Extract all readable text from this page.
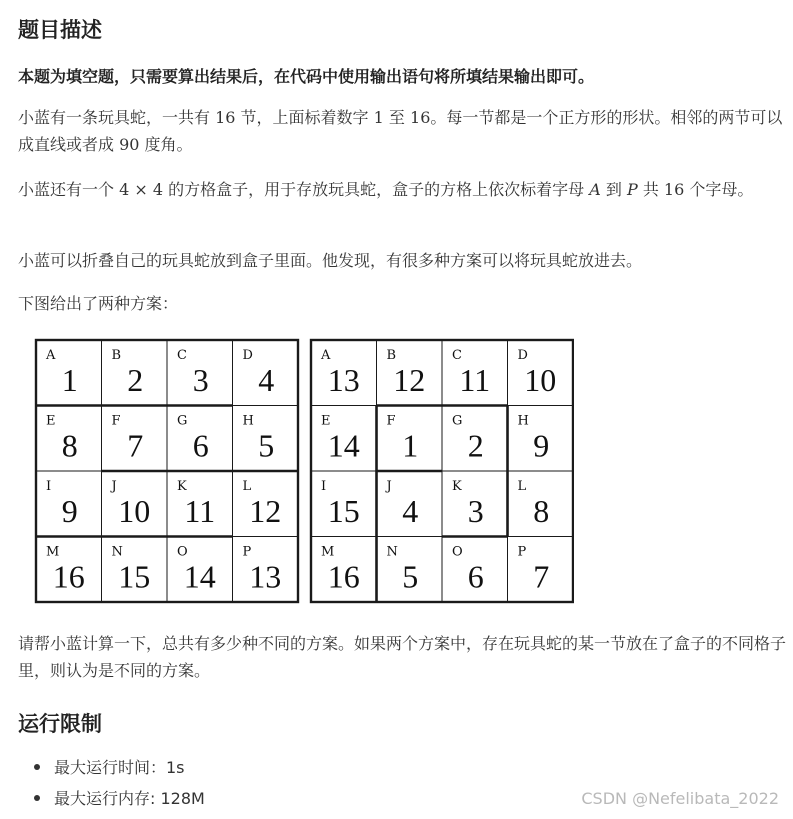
题目描述
本题为填空题，只需要算出结果后，在代码中使用输出语句将所填结果输出即可。
小蓝有一条玩具蛇，一共有 16 节，上面标着数字 1 至 16。每一节都是一个正方形的形状。相邻的两节可以成直线或者成 90 度角。
小蓝还有一个 4 × 4 的方格盒子，用于存放玩具蛇，盒子的方格上依次标着字母 A 到 P 共 16 个字母。
小蓝可以折叠自己的玩具蛇放到盒子里面。他发现，有很多种方案可以将玩具蛇放进去。
下图给出了两种方案：
A
1
B
2
C
3
D
4
E
8
F
7
G
6
H
5
I
9
J
10
K
11
L
12
M
16
N
15
O
14
P
13
A
13
B
12
C
11
D
10
E
14
F
1
G
2
H
9
I
15
J
4
K
3
L
8
M
16
N
5
O
6
P
7
请帮小蓝计算一下，总共有多少种不同的方案。如果两个方案中，存在玩具蛇的某一节放在了盒子的不同格子里，则认为是不同的方案。
运行限制
最大运行时间：1s
最大运行内存: 128M	CSDN @Nefelibata_2022
